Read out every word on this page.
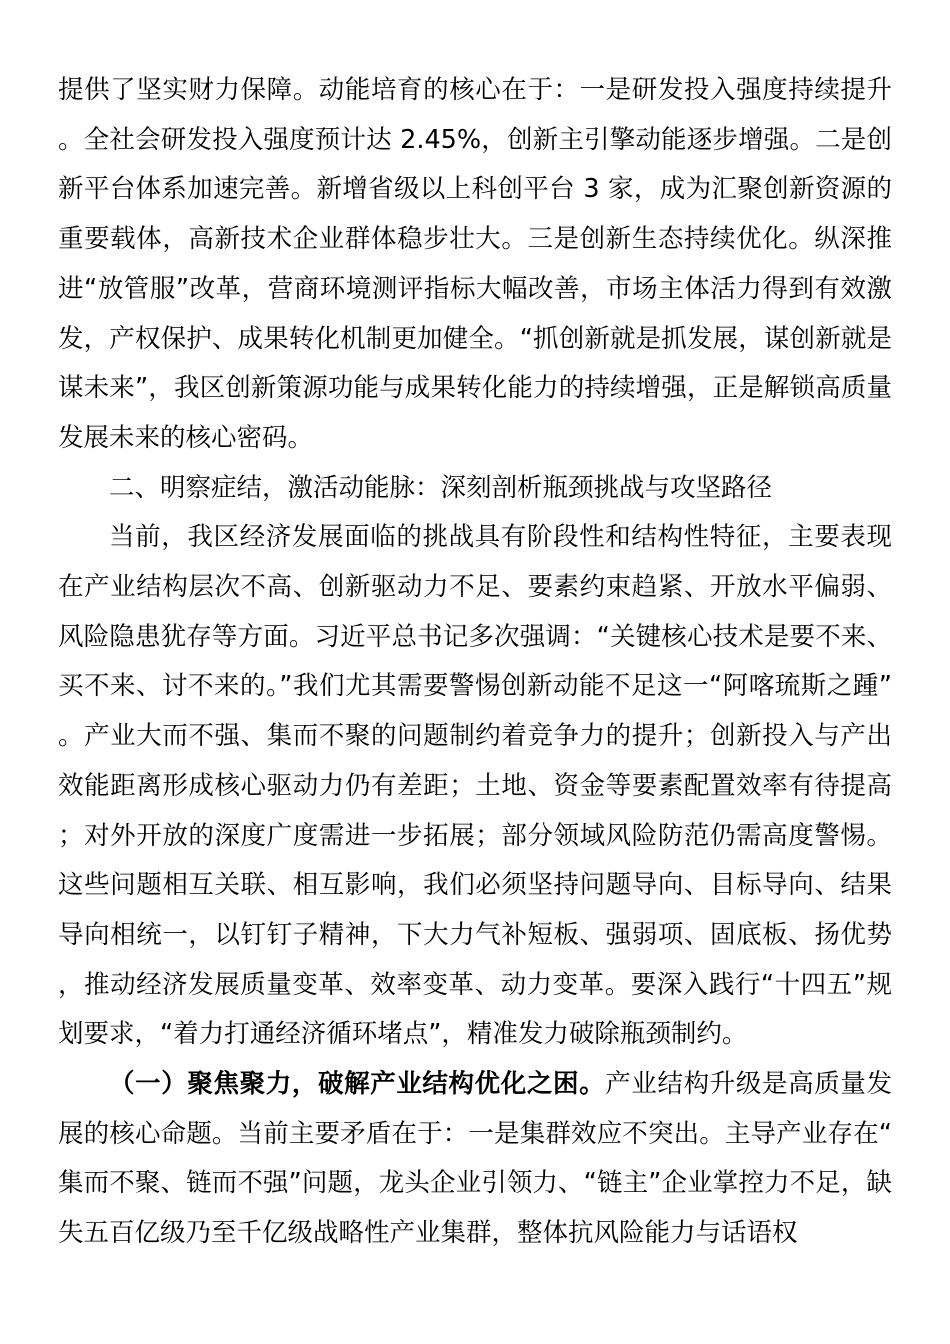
提供了坚实财力保障。动能培育的核心在于：一是研发投入强度持续提升。全社会研发投入强度预计达 2.45%，创新主引擎动能逐步增强。二是创新平台体系加速完善。新增省级以上科创平台 3 家，成为汇聚创新资源的重要载体，高新技术企业群体稳步壮大。三是创新生态持续优化。纵深推进“放管服”改革，营商环境测评指标大幅改善，市场主体活力得到有效激发，产权保护、成果转化机制更加健全。“抓创新就是抓发展，谋创新就是谋未来”，我区创新策源功能与成果转化能力的持续增强，正是解锁高质量发展未来的核心密码。

二、明察症结，激活动能脉：深刻剖析瓶颈挑战与攻坚路径

当前，我区经济发展面临的挑战具有阶段性和结构性特征，主要表现在产业结构层次不高、创新驱动力不足、要素约束趋紧、开放水平偏弱、风险隐患犹存等方面。习近平总书记多次强调：“关键核心技术是要不来、买不来、讨不来的。”我们尤其需要警惕创新动能不足这一“阿喀琉斯之踵”。产业大而不强、集而不聚的问题制约着竞争力的提升；创新投入与产出效能距离形成核心驱动力仍有差距；土地、资金等要素配置效率有待提高；对外开放的深度广度需进一步拓展；部分领域风险防范仍需高度警惕。这些问题相互关联、相互影响，我们必须坚持问题导向、目标导向、结果导向相统一，以钉钉子精神，下大力气补短板、强弱项、固底板、扬优势，推动经济发展质量变革、效率变革、动力变革。要深入践行“十四五”规划要求，“着力打通经济循环堵点”，精准发力破除瓶颈制约。

（一）聚焦聚力，破解产业结构优化之困。产业结构升级是高质量发展的核心命题。当前主要矛盾在于：一是集群效应不突出。主导产业存在“集而不聚、链而不强”问题，龙头企业引领力、“链主”企业掌控力不足，缺失五百亿级乃至千亿级战略性产业集群，整体抗风险能力与话语权
